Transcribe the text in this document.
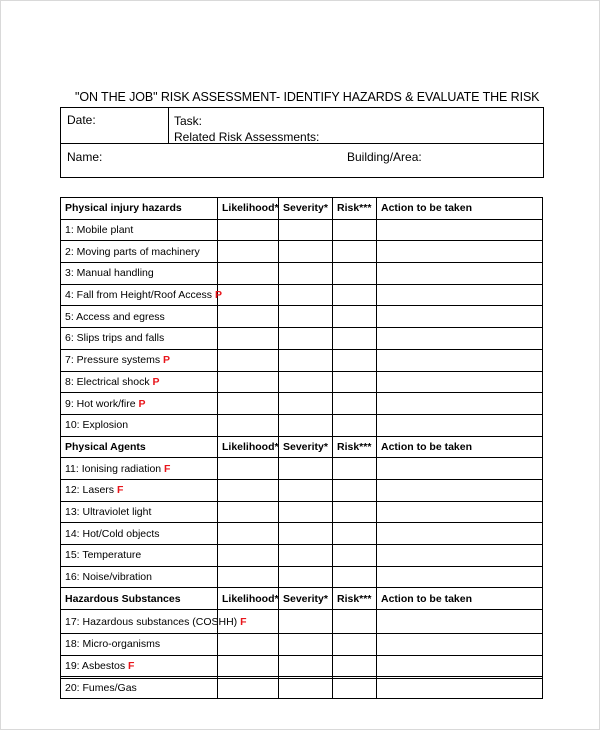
"ON THE JOB" RISK ASSESSMENT- IDENTIFY HAZARDS & EVALUATE THE RISK
Date:	Task:
Related Risk Assessments:

Name:	Building/Area:
Physical injury hazards	Likelihood*	Severity*	Risk***	Action to be taken
1: Mobile plant				
2: Moving parts of machinery				
3: Manual handling				
4: Fall from Height/Roof Access P				
5: Access and egress				
6: Slips trips and falls				
7: Pressure systems P				
8: Electrical shock P				
9: Hot work/fire P				
10: Explosion				
Physical Agents	Likelihood*	Severity*	Risk***	Action to be taken
11: Ionising radiation F				
12: Lasers F				
13: Ultraviolet light				
14: Hot/Cold objects				
15: Temperature				
16: Noise/vibration				
Hazardous Substances	Likelihood*	Severity*	Risk***	Action to be taken
17: Hazardous substances (COSHH) F				
18: Micro-organisms				
19: Asbestos F				
20: Fumes/Gas				
